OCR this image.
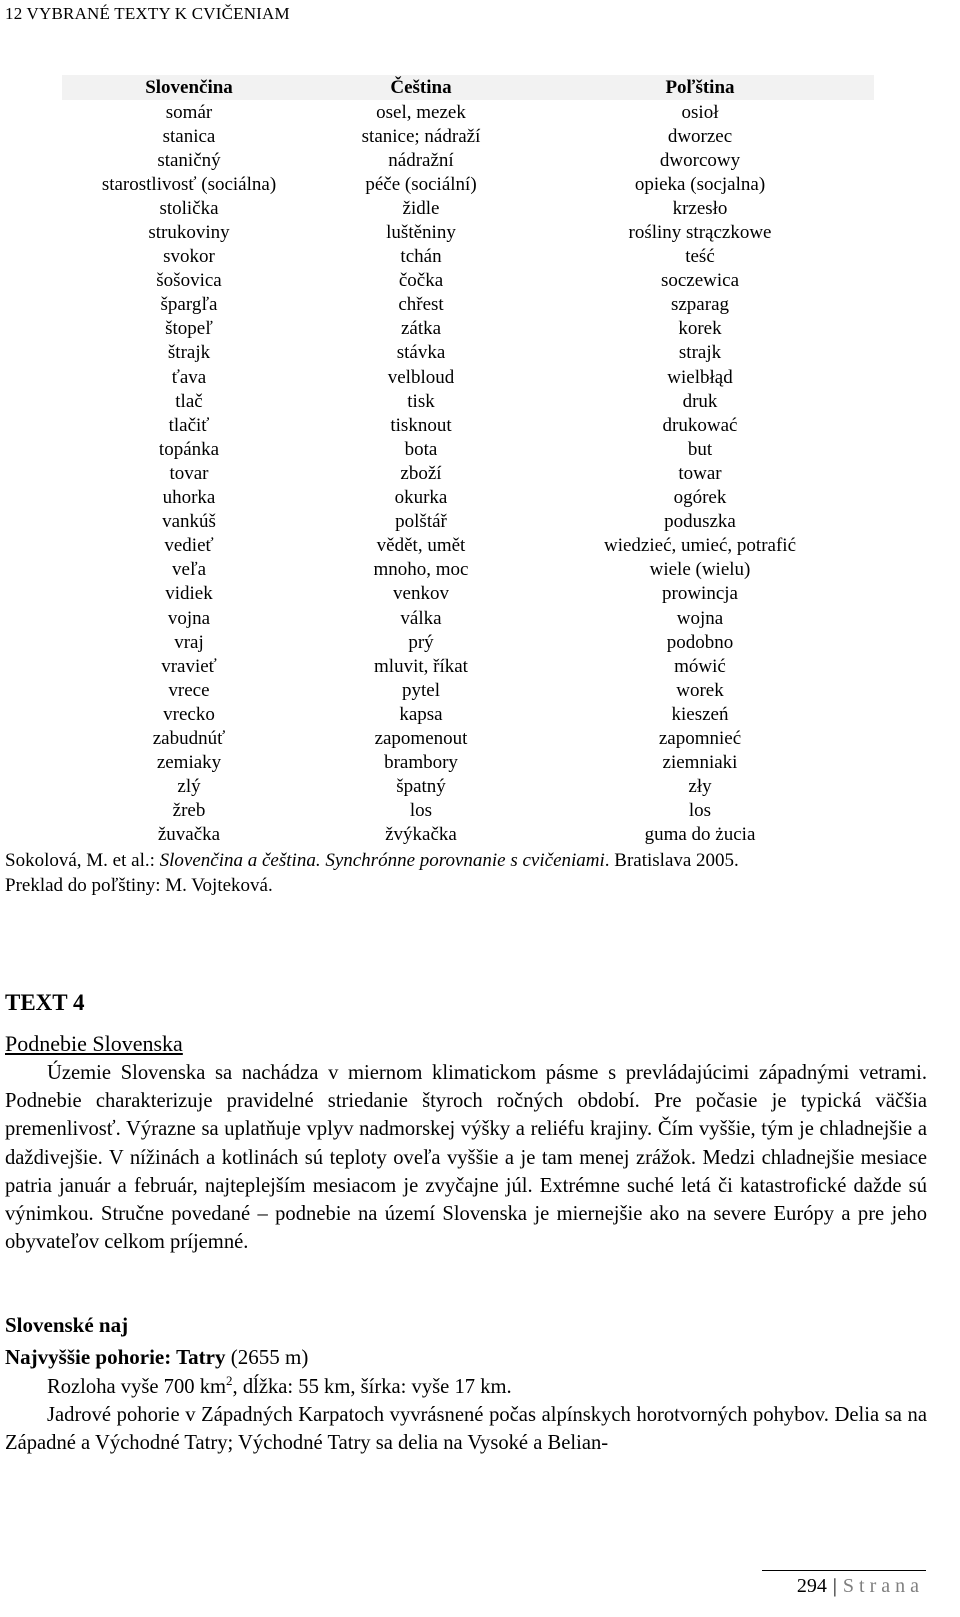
12 VYBRANÉ TEXTY K CVIČENIAM
Slovenčina	Čeština	Poľština
somár	osel, mezek	osioł
stanica	stanice; nádraží	dworzec
staničný	nádražní	dworcowy
starostlivosť (sociálna)	péče (sociální)	opieka (socjalna)
stolička	židle	krzesło
strukoviny	luštěniny	rośliny strączkowe
svokor	tchán	teść
šošovica	čočka	soczewica
špargľa	chřest	szparag
štopeľ	zátka	korek
štrajk	stávka	strajk
ťava	velbloud	wielbłąd
tlač	tisk	druk
tlačiť	tisknout	drukować
topánka	bota	but
tovar	zboží	towar
uhorka	okurka	ogórek
vankúš	polštář	poduszka
vedieť	vědět, umět	wiedzieć, umieć, potrafić
veľa	mnoho, moc	wiele (wielu)
vidiek	venkov	prowincja
vojna	válka	wojna
vraj	prý	podobno
vravieť	mluvit, říkat	mówić
vrece	pytel	worek
vrecko	kapsa	kieszeń
zabudnúť	zapomenout	zapomnieć
zemiaky	brambory	ziemniaki
zlý	špatný	zły
žreb	los	los
žuvačka	žvýkačka	guma do żucia
Sokolová, M. et al.: Slovenčina a čeština. Synchrónne porovnanie s cvičeniami. Bratislava 2005.
Preklad do poľštiny: M. Vojteková.
TEXT 4
Podnebie Slovenska
Územie Slovenska sa nachádza v miernom klimatickom pásme s prevládajúcimi západnými vetrami. Podnebie charakterizuje pravidelné striedanie štyroch ročných období. Pre počasie je typická väčšia premenlivosť. Výrazne sa uplatňuje vplyv nadmorskej výšky a reliéfu krajiny. Čím vyššie, tým je chladnejšie a daždivejšie. V nížinách a kotlinách sú teploty oveľa vyššie a je tam menej zrážok. Medzi chladnejšie mesiace patria január a február, najteplejším mesiacom je zvyčajne júl. Extrémne suché letá či katastrofické dažde sú výnimkou. Stručne povedané – podnebie na území Slovenska je miernejšie ako na severe Európy a pre jeho obyvateľov celkom príjemné.
Slovenské naj
Najvyššie pohorie: Tatry (2655 m)
Rozloha vyše 700 $km^2$, dĺžka: 55 km, šírka: vyše 17 km.
Jadrové pohorie v Západných Karpatoch vyvrásnené počas alpínskych horotvorných pohybov. Delia sa na Západné a Východné Tatry; Východné Tatry sa delia na Vysoké a Belian-
294 | Strana
